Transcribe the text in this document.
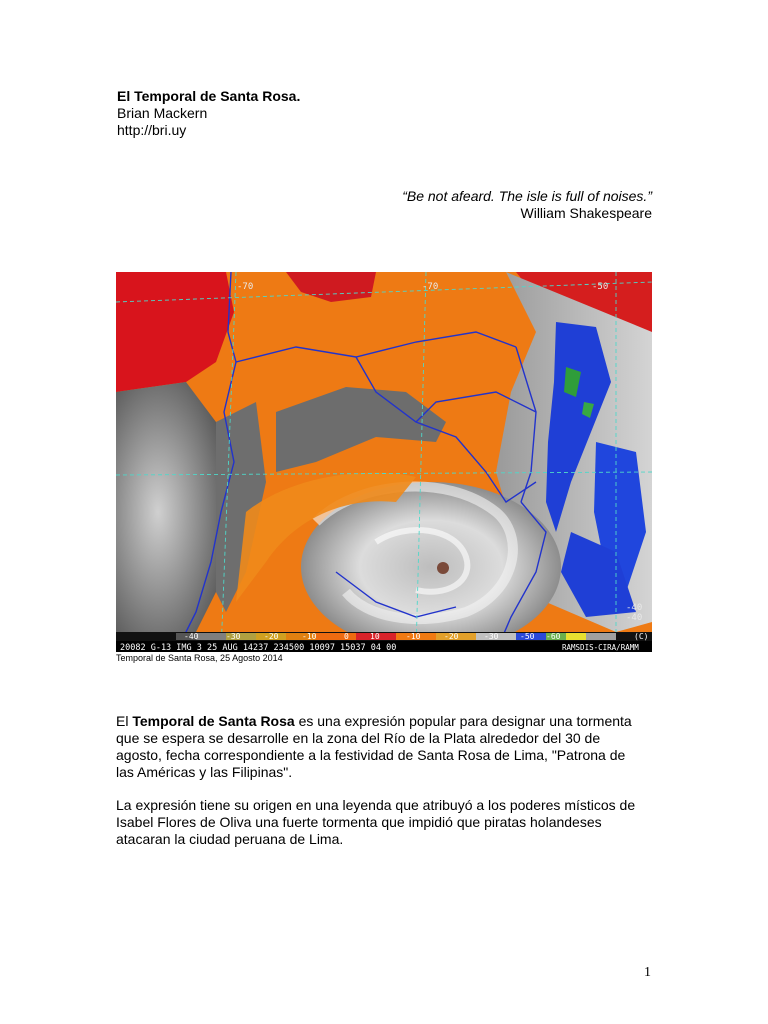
El Temporal de Santa Rosa.
Brian Mackern
http://bri.uy
“Be not afeard. The isle is full of noises.”
William Shakespeare
-70	-70	-50
-40
-40
-40	-30	-20	-10	0	10	-10	-20	-30	-50 -60	(C)
20082 G-13 IMG 3 25 AUG 14237 234500 10097 15037 04 00	RAMSDIS-CIRA/RAMM
Temporal de Santa Rosa, 25 Agosto 2014
El Temporal de Santa Rosa es una expresión popular para designar una tormenta que se espera se desarrolle en la zona del Río de la Plata alrededor del 30 de agosto, fecha correspondiente a la festividad de Santa Rosa de Lima, "Patrona de las Américas y las Filipinas".
La expresión tiene su origen en una leyenda que atribuyó a los poderes místicos de Isabel Flores de Oliva una fuerte tormenta que impidió que piratas holandeses atacaran la ciudad peruana de Lima.
1
